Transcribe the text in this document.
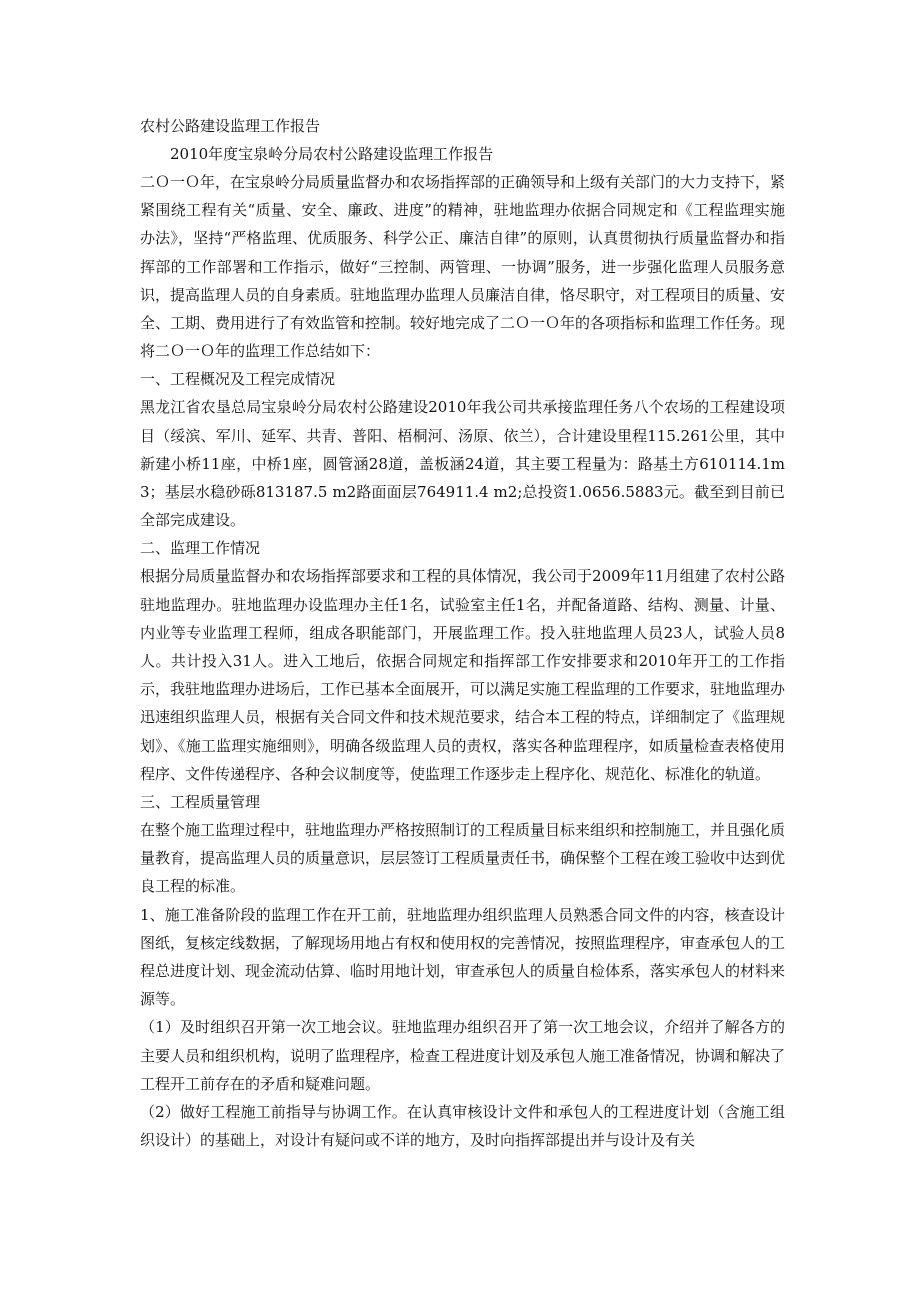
农村公路建设监理工作报告

2010年度宝泉岭分局农村公路建设监理工作报告

二Ｏ一Ｏ年，在宝泉岭分局质量监督办和农场指挥部的正确领导和上级有关部门的大力支持下，紧紧围绕工程有关“质量、安全、廉政、进度”的精神，驻地监理办依据合同规定和《工程监理实施办法》，坚持“严格监理、优质服务、科学公正、廉洁自律”的原则，认真贯彻执行质量监督办和指挥部的工作部署和工作指示，做好“三控制、两管理、一协调”服务，进一步强化监理人员服务意识，提高监理人员的自身素质。驻地监理办监理人员廉洁自律，恪尽职守，对工程项目的质量、安全、工期、费用进行了有效监管和控制。较好地完成了二Ｏ一Ｏ年的各项指标和监理工作任务。现将二Ｏ一Ｏ年的监理工作总结如下：

一、工程概况及工程完成情况

黑龙江省农垦总局宝泉岭分局农村公路建设2010年我公司共承接监理任务八个农场的工程建设项目（绥滨、军川、延军、共青、普阳、梧桐河、汤原、依兰），合计建设里程115.261公里，其中新建小桥11座，中桥1座，圆管涵28道，盖板涵24道，其主要工程量为：路基土方610114.1m3；基层水稳砂砾813187.5 m2路面面层764911.4 m2;总投资1.0656.5883元。截至到目前已全部完成建设。

二、监理工作情况

根据分局质量监督办和农场指挥部要求和工程的具体情况，我公司于2009年11月组建了农村公路驻地监理办。驻地监理办设监理办主任1名，试验室主任1名，并配备道路、结构、测量、计量、内业等专业监理工程师，组成各职能部门，开展监理工作。投入驻地监理人员23人，试验人员8人。共计投入31人。进入工地后，依据合同规定和指挥部工作安排要求和2010年开工的工作指示，我驻地监理办进场后，工作已基本全面展开，可以满足实施工程监理的工作要求，驻地监理办迅速组织监理人员，根据有关合同文件和技术规范要求，结合本工程的特点，详细制定了《监理规划》、《施工监理实施细则》，明确各级监理人员的责权，落实各种监理程序，如质量检查表格使用程序、文件传递程序、各种会议制度等，使监理工作逐步走上程序化、规范化、标准化的轨道。

三、工程质量管理

在整个施工监理过程中，驻地监理办严格按照制订的工程质量目标来组织和控制施工，并且强化质量教育，提高监理人员的质量意识，层层签订工程质量责任书，确保整个工程在竣工验收中达到优良工程的标准。

1、施工准备阶段的监理工作在开工前，驻地监理办组织监理人员熟悉合同文件的内容，核查设计图纸，复核定线数据，了解现场用地占有权和使用权的完善情况，按照监理程序，审查承包人的工程总进度计划、现金流动估算、临时用地计划，审查承包人的质量自检体系，落实承包人的材料来源等。

（1）及时组织召开第一次工地会议。驻地监理办组织召开了第一次工地会议，介绍并了解各方的主要人员和组织机构，说明了监理程序，检查工程进度计划及承包人施工准备情况，协调和解决了工程开工前存在的矛盾和疑难问题。

（2）做好工程施工前指导与协调工作。在认真审核设计文件和承包人的工程进度计划（含施工组织设计）的基础上，对设计有疑问或不详的地方，及时向指挥部提出并与设计及有关
